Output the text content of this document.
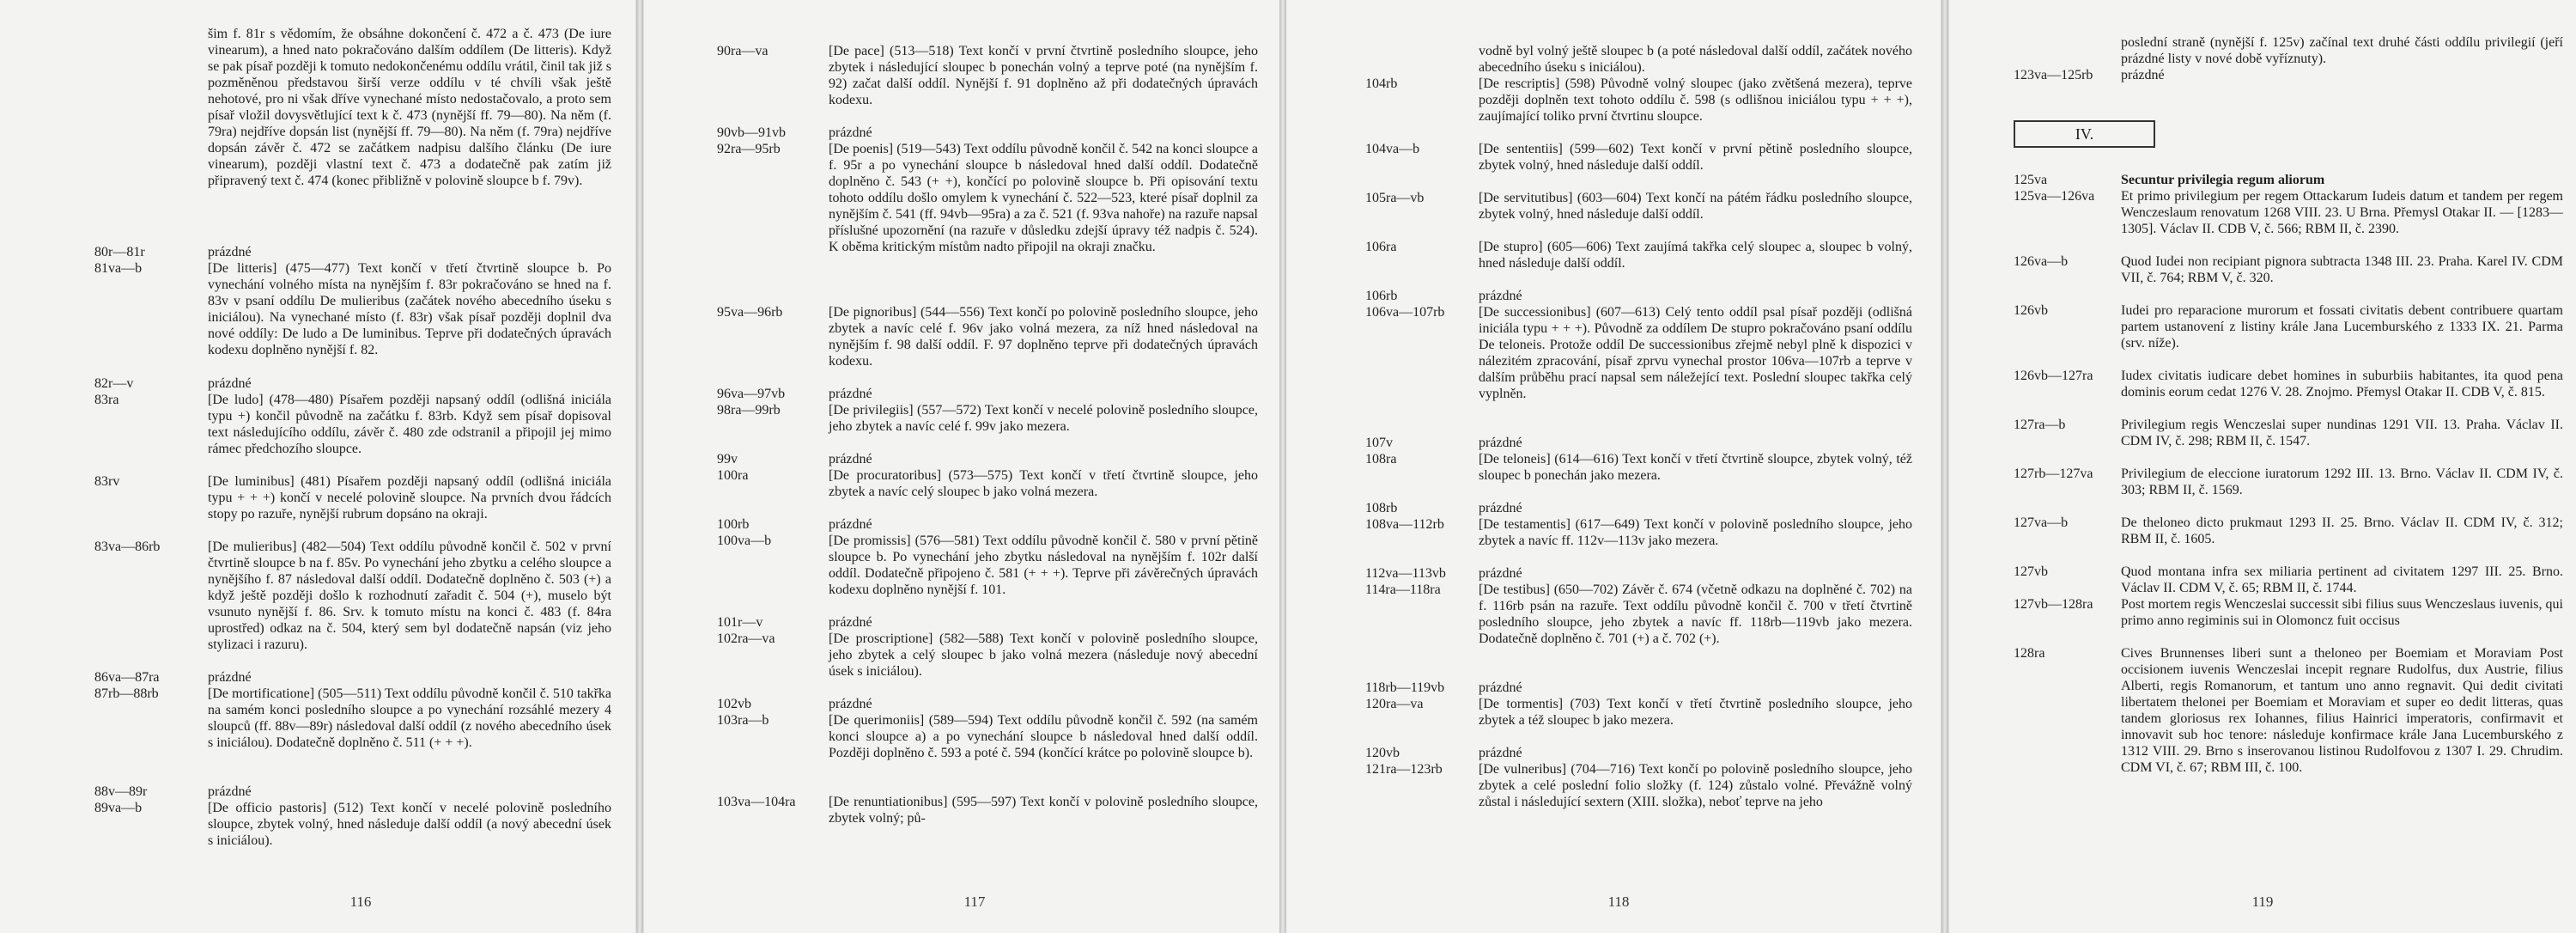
šim f. 81r s vědomím, že obsáhne dokončení č. 472 a č. 473 (De iure vinearum), a hned nato pokračováno dalším oddílem (De litteris). Když se pak písař později k tomuto nedokončenému oddílu vrátil, činil tak již s pozměněnou představou širší verze oddílu v té chvíli však ještě nehotové, pro ni však dříve vynechané místo nedostačovalo, a proto sem písař vložil dovysvětlující text k č. 473 (nynější ff. 79—80). Na něm (f. 79ra) nejdříve dopsán list (nynější ff. 79—80). Na něm (f. 79ra) nejdříve dopsán závěr č. 472 se začátkem nadpisu dalšího článku (De iure vinearum), později vlastní text č. 473 a dodatečně pak zatím již připravený text č. 474 (konec přibližně v polovině sloupce b f. 79v).
80r—81r	prázdné
81va—b	[De litteris] (475—477) Text končí v třetí čtvrtině sloupce b. Po vynechání volného místa na nynějším f. 83r pokračováno se hned na f. 83v v psaní oddílu De mulieribus (začátek nového abecedního úseku s iniciálou). Na vynechané místo (f. 83r) však písař později doplnil dva nové oddíly: De ludo a De luminibus. Teprve při dodatečných úpravách kodexu doplněno nynější f. 82.
82r—v	prázdné
83ra	[De ludo] (478—480) Písařem později napsaný oddíl (odlišná iniciála typu +) končil původně na začátku f. 83rb. Když sem písař dopisoval text následujícího oddílu, závěr č. 480 zde odstranil a připojil jej mimo rámec předchozího sloupce.
83rv	[De luminibus] (481) Písařem později napsaný oddíl (odlišná iniciála typu + + +) končí v necelé polovině sloupce. Na prvních dvou řádcích stopy po razuře, nynější rubrum dopsáno na okraji.
83va—86rb	[De mulieribus] (482—504) Text oddílu původně končil č. 502 v první čtvrtině sloupce b na f. 85v. Po vynechání jeho zbytku a celého sloupce a nynějšího f. 87 následoval další oddíl. Dodatečně doplněno č. 503 (+) a když ještě později došlo k rozhodnutí zařadit č. 504 (+), muselo být vsunuto nynější f. 86. Srv. k tomuto místu na konci č. 483 (f. 84ra uprostřed) odkaz na č. 504, který sem byl dodatečně napsán (viz jeho stylizaci i razuru).
86va—87ra	prázdné
87rb—88rb	[De mortificatione] (505—511) Text oddílu původně končil č. 510 takřka na samém konci posledního sloupce a po vynechání rozsáhlé mezery 4 sloupců (ff. 88v—89r) následoval další oddíl (z nového abecedního úsek s iniciálou). Dodatečně doplněno č. 511 (+ + +).
88v—89r	prázdné
89va—b	[De officio pastoris] (512) Text končí v necelé polovině posledního sloupce, zbytek volný, hned následuje další oddíl (a nový abecední úsek s iniciálou).
116
90ra—va	[De pace] (513—518) Text končí v první čtvrtině posledního sloupce, jeho zbytek i následující sloupec b ponechán volný a teprve poté (na nynějším f. 92) začat další oddíl. Nynější f. 91 doplněno až při dodatečných úpravách kodexu.
90vb—91vb	prázdné
92ra—95rb	[De poenis] (519—543) Text oddílu původně končil č. 542 na konci sloupce a f. 95r a po vynechání sloupce b následoval hned další oddíl. Dodatečně doplněno č. 543 (+ +), končící po polovině sloupce b. Při opisování textu tohoto oddílu došlo omylem k vynechání č. 522—523, které písař doplnil za nynějším č. 541 (ff. 94vb—95ra) a za č. 521 (f. 93va nahoře) na razuře napsal příslušné upozornění (na razuře v důsledku zdejší úpravy též nadpis č. 524). K oběma kritickým místům nadto připojil na okraji značku.
95va—96rb	[De pignoribus] (544—556) Text končí po polovině posledního sloupce, jeho zbytek a navíc celé f. 96v jako volná mezera, za níž hned následoval na nynějším f. 98 další oddíl. F. 97 doplněno teprve při dodatečných úpravách kodexu.
96va—97vb	prázdné
98ra—99rb	[De privilegiis] (557—572) Text končí v necelé polovině posledního sloupce, jeho zbytek a navíc celé f. 99v jako mezera.
99v	prázdné
100ra	[De procuratoribus] (573—575) Text končí v třetí čtvrtině sloupce, jeho zbytek a navíc celý sloupec b jako volná mezera.
100rb	prázdné
100va—b	[De promissis] (576—581) Text oddílu původně končil č. 580 v první pětině sloupce b. Po vynechání jeho zbytku následoval na nynějším f. 102r další oddíl. Dodatečně připojeno č. 581 (+ + +). Teprve při závěrečných úpravách kodexu doplněno nynější f. 101.
101r—v	prázdné
102ra—va	[De proscriptione] (582—588) Text končí v polovině posledního sloupce, jeho zbytek a celý sloupec b jako volná mezera (následuje nový abecední úsek s iniciálou).
102vb	prázdné
103ra—b	[De querimoniis] (589—594) Text oddílu původně končil č. 592 (na samém konci sloupce a) a po vynechání sloupce b následoval hned další oddíl. Později doplněno č. 593 a poté č. 594 (končící krátce po polovině sloupce b).
103va—104ra [De renuntiationibus] (595—597) Text končí v polovině posledního sloupce, zbytek volný; pů-
117
vodně byl volný ještě sloupec b (a poté následoval další oddíl, začátek nového abecedního úseku s iniciálou).
104rb	[De rescriptis] (598) Původně volný sloupec (jako zvětšená mezera), teprve později doplněn text tohoto oddílu č. 598 (s odlišnou iniciálou typu + + +), zaujímající tolikо první čtvrtinu sloupce.
104va—b	[De sententiis] (599—602) Text končí v první pětině posledního sloupce, zbytek volný, hned následuje další oddíl.
105ra—vb	[De servitutibus] (603—604) Text končí na pátém řádku posledního sloupce, zbytek volný, hned následuje další oddíl.
106ra	[De stupro] (605—606) Text zaujímá takřka celý sloupec a, sloupec b volný, hned následuje další oddíl.
106rb	prázdné
106va—107rb [De successionibus] (607—613) Celý tento oddíl psal písař později (odlišná iniciála typu + + +). Původně za oddílem De stupro pokračováno psaní oddílu De teloneis. Protože oddíl De successionibus zřejmě nebyl plně k dispozici v nálezitém zpracování, písař zprvu vynechal prostor 106va—107rb a teprve v dalším průběhu prací napsal sem náležející text. Poslední sloupec takřka celý vyplněn.
107v	prázdné
108ra	[De teloneis] (614—616) Text končí v třetí čtvrtině sloupce, zbytek volný, též sloupec b ponechán jako mezera.
108rb	prázdné
108va—112rb	[De testamentis] (617—649) Text končí v polovině posledního sloupce, jeho zbytek a navíc ff. 112v—113v jako mezera.
112va—113vb prázdné
114ra—118ra	[De testibus] (650—702) Závěr č. 674 (včetně odkazu na doplněné č. 702) na f. 116rb psán na razuře. Text oddílu původně končil č. 700 v třetí čtvrtině posledního sloupce, jeho zbytek a navíc ff. 118rb—119vb jako mezera. Dodatečně doplněno č. 701 (+) a č. 702 (+).
118rb—119vb prázdné
120ra—va	[De tormentis] (703) Text končí v třetí čtvrtině posledního sloupce, jeho zbytek a též sloupec b jako mezera.
120vb	prázdné
121ra—123rb	[De vulneribus] (704—716) Text končí po polovině posledního sloupce, jeho zbytek a celé poslední folio složky (f. 124) zůstalo volné. Převážně volný zůstal i následující sextern (XIII. složka), neboť teprve na jeho
118
poslední straně (nynější f. 125v) začínal text druhé části oddílu privilegií (jeří prázdné listy v nové době vyříznuty).
123va—125rb prázdné
IV.
125va	Secuntur privilegia regum aliorum
125va—126va Et primo privilegium per regem Ottackarum Iudeis datum et tandem per regem Wenczeslaum renovatum 1268 VIII. 23. U Brna. Přemysl Otakar II. — [1283—1305]. Václav II. CDB V, č. 566; RBM II, č. 2390.
126va—b	Quod Iudei non recipiant pignora subtracta 1348 III. 23. Praha. Karel IV. CDM VII, č. 764; RBM V, č. 320.
126vb	Iudei pro reparacione murorum et fossati civitatis debent contribuere quartam partem ustanovení z listiny krále Jana Lucemburského z 1333 IX. 21. Parma (srv. níže).
126vb—127ra Iudex civitatis iudicare debet homines in suburbiis habitantes, ita quod pena dominis eorum cedat 1276 V. 28. Znojmo. Přemysl Otakar II. CDB V, č. 815.
127ra—b	Privilegium regis Wenczeslai super nundinas 1291 VII. 13. Praha. Václav II. CDM IV, č. 298; RBM II, č. 1547.
127rb—127va Privilegium de eleccione iuratorum 1292 III. 13. Brno. Václav II. CDM IV, č. 303; RBM II, č. 1569.
127va—b	De theloneo dicto prukmaut 1293 II. 25. Brno. Václav II. CDM IV, č. 312; RBM II, č. 1605.
127vb	Quod montana infra sex miliaria pertinent ad civitatem 1297 III. 25. Brno. Václav II. CDM V, č. 65; RBM II, č. 1744.
127vb—128ra Post mortem regis Wenczeslai successit sibi filius suus Wenczeslaus iuvenis, qui primo anno regiminis sui in Olomoncz fuit occisus
128ra	Cives Brunnenses liberi sunt a theloneo per Boemiam et Moraviam Post occisionem iuvenis Wenczeslai incepit regnare Rudolfus, dux Austrie, filius Alberti, regis Romanorum, et tantum uno anno regnavit. Qui dedit civitati libertatem thelonei per Boemiam et Moraviam et super eo dedit litteras, quas tandem gloriosus rex Iohannes, filius Hainrici imperatoris, confirmavit et innovavit sub hoc tenore: následuje konfirmace krále Jana Lucemburského z 1312 VIII. 29. Brno s inserovanou listinou Rudolfovou z 1307 I. 29. Chrudim. CDM VI, č. 67; RBM III, č. 100.
119
